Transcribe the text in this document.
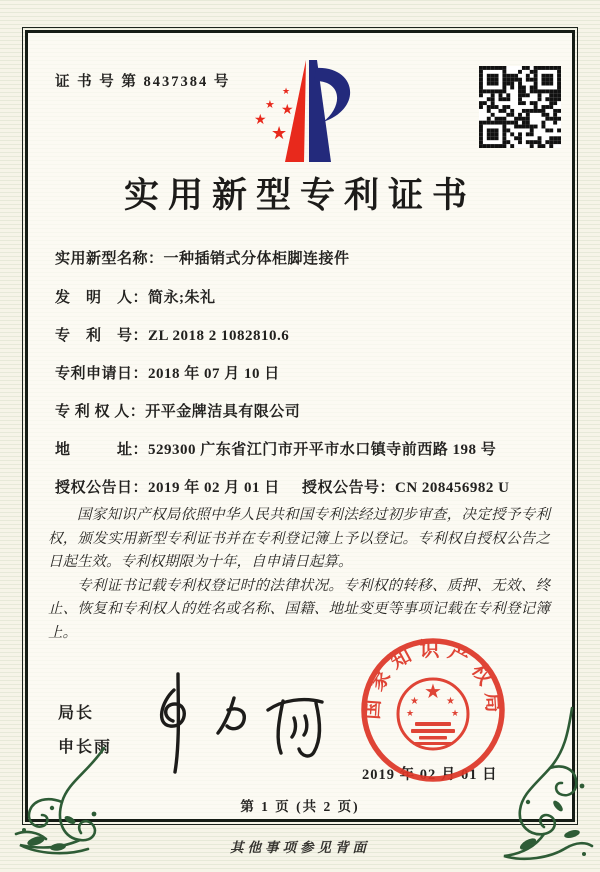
证 书 号 第 8437384 号
★
★ ★
★
★
实用新型专利证书
实用新型名称：一种插销式分体柜脚连接件
发　明　人：简永;朱礼
专　利　号：ZL 2018 2 1082810.6
专利申请日：2018 年 07 月 10 日
专 利 权 人：开平金牌洁具有限公司
地　　　址：529300 广东省江门市开平市水口镇寺前西路 198 号
授权公告日：2019 年 02 月 01 日 授权公告号：CN 208456982 U

国家知识产权局依照中华人民共和国专利法经过初步审查，决定授予专利权，颁发实用新型专利证书并在专利登记簿上予以登记。专利权自授权公告之日起生效。专利权期限为十年，自申请日起算。

专利证书记载专利权登记时的法律状况。专利权的转移、质押、无效、终止、恢复和专利权人的姓名或名称、国籍、地址变更等事项记载在专利登记簿上。

局长
申长雨
2019 年 02 月 01 日
国家知识产权局
★
★	★
★	★
第 1 页 (共 2 页)
其他事项参见背面
